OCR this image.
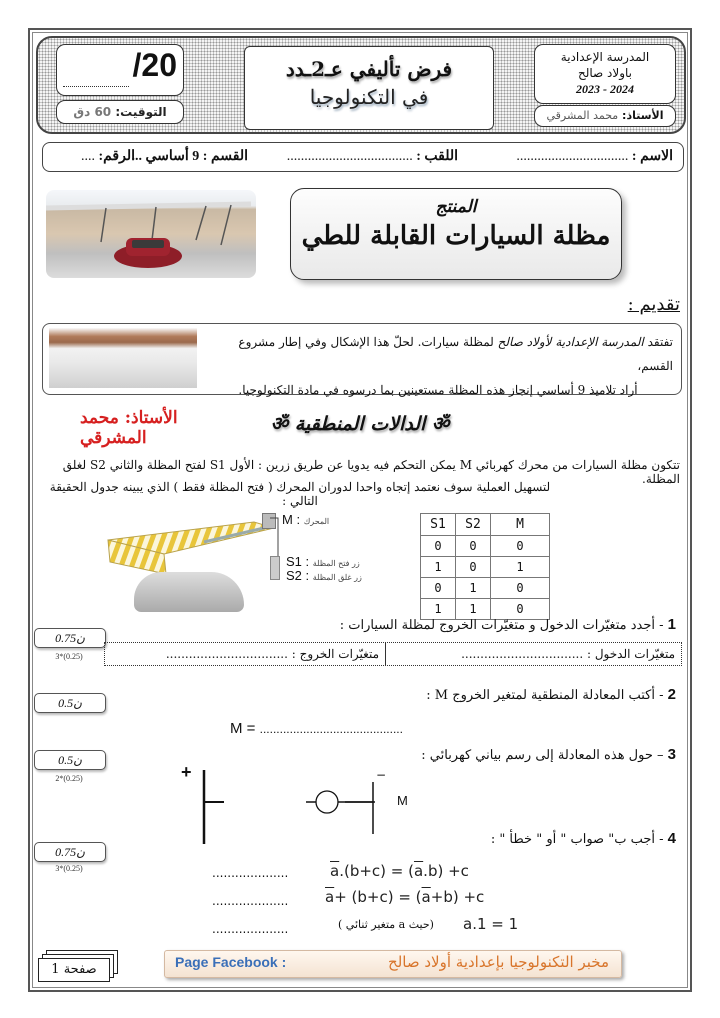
/20
التوقيت: 60 دق
فرض تأليفي عـ2ـدد
في التكنولوجيا
المدرسة الإعدادية
باولاد صالح
2024 - 2023
الأستاذ: محمد المشرقي
الاسم : ................................
اللقب : ....................................
القسم : 9 أساسي ...
الرقم: ....
المنتج
مظلة السيارات القابلة للطي
تقديم :
تفتقد المدرسة الإعدادية لأولاد صالح لمظلة سيارات. لحلّ هذا الإشكال وفي إطار مشروع القسم،
أراد تلاميذ 9 أساسي إنجاز هذه المظلة مستعينين بما درسوه في مادة التكنولوجيا.
الأستاذ: محمد المشرقي
ॐ الدالات المنطقية ॐ
تتكون مظلة السيارات من محرك كهربائي M يمكن التحكم فيه يدويا عن طريق زرين : الأول S1 لفتح المظلة والثاني S2 لغلق المظلة.
لتسهيل العملية سوف نعتمد إتجاه واحدا لدوران المحرك ( فتح المظلة فقط ) الذي يبينه جدول الحقيقة التالي :
M : المحرك
S1 : زر فتح المظلة
S2 : زر غلق المظلة
S1	S2	M
0	0	0
1	0	1
0	1	0
1	1	0
1 - أجدد متغيّرات الدخول و متغيّرات الخروج لمظلة السيارات :
0.75ن
3*(0.25)	متغيّرات الدخول : ................................
متغيّرات الخروج : ................................
2 - أكتب المعادلة المنطقية لمتغير الخروج M :
0.5ن
M = ...........................................
3 – حول هذه المعادلة إلى رسم بياني كهربائي :
0.5ن
2*(0.25)	+	−
M
4 - أجب ب" صواب " أو " خطأ " :
0.75ن
3*(0.25)	....................	$\overline{a}.(b+c) = (\overline{a}.b) +c$
.................... $\overline{a}+ (b+c) = (\overline{a}+b) +c$
....................	(حيث a متغير ثنائي ) a.1 = 1
صفحة 1	Page Facebook :	مخبر التكنولوجيا بإعدادية أولاد صالح
